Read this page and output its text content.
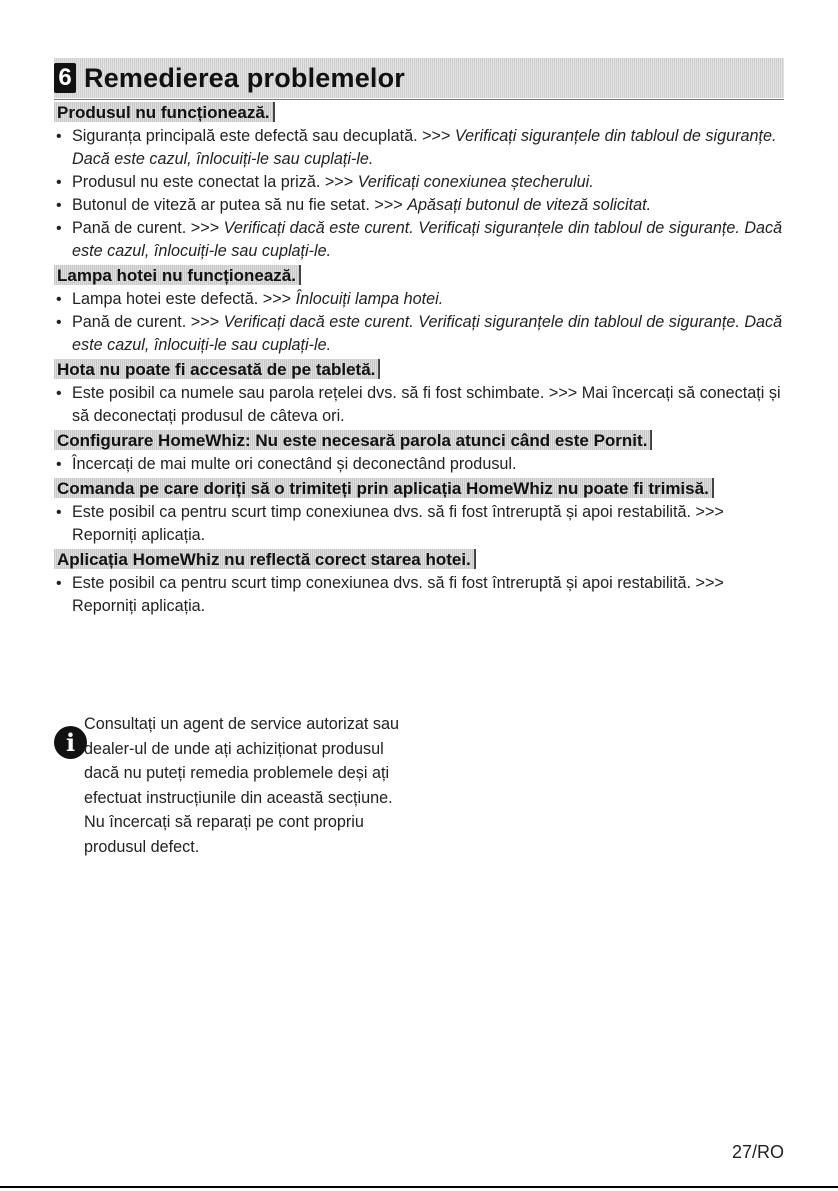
6 Remedierea problemelor
Produsul nu funcționează.
• Siguranța principală este defectă sau decuplată. >>> Verificați siguranțele din tabloul de siguranțe. Dacă este cazul, înlocuiți-le sau cuplați-le.
• Produsul nu este conectat la priză. >>> Verificați conexiunea ștecherului.
• Butonul de viteză ar putea să nu fie setat. >>> Apăsați butonul de viteză solicitat.
• Pană de curent. >>> Verificați dacă este curent. Verificați siguranțele din tabloul de siguranțe. Dacă este cazul, înlocuiți-le sau cuplați-le.
Lampa hotei nu funcționează.
• Lampa hotei este defectă. >>> Înlocuiți lampa hotei.
• Pană de curent. >>> Verificați dacă este curent. Verificați siguranțele din tabloul de siguranțe. Dacă este cazul, înlocuiți-le sau cuplați-le.
Hota nu poate fi accesată de pe tabletă.
• Este posibil ca numele sau parola rețelei dvs. să fi fost schimbate. >>> Mai încercați să conectați și să deconectați produsul de câteva ori.
Configurare HomeWhiz: Nu este necesară parola atunci când este Pornit.
• Încercați de mai multe ori conectând și deconectând produsul.
Comanda pe care doriți să o trimiteți prin aplicația HomeWhiz nu poate fi trimisă.
• Este posibil ca pentru scurt timp conexiunea dvs. să fi fost întreruptă și apoi restabilită. >>> Reporniți aplicația.
Aplicația HomeWhiz nu reflectă corect starea hotei.
• Este posibil ca pentru scurt timp conexiunea dvs. să fi fost întreruptă și apoi restabilită. >>> Reporniți aplicația.
i
Consultați un agent de service autorizat sau dealer-ul de unde ați achiziționat produsul dacă nu puteți remedia problemele deși ați efectuat instrucțiunile din această secțiune. Nu încercați să reparați pe cont propriu produsul defect.
27/RO
